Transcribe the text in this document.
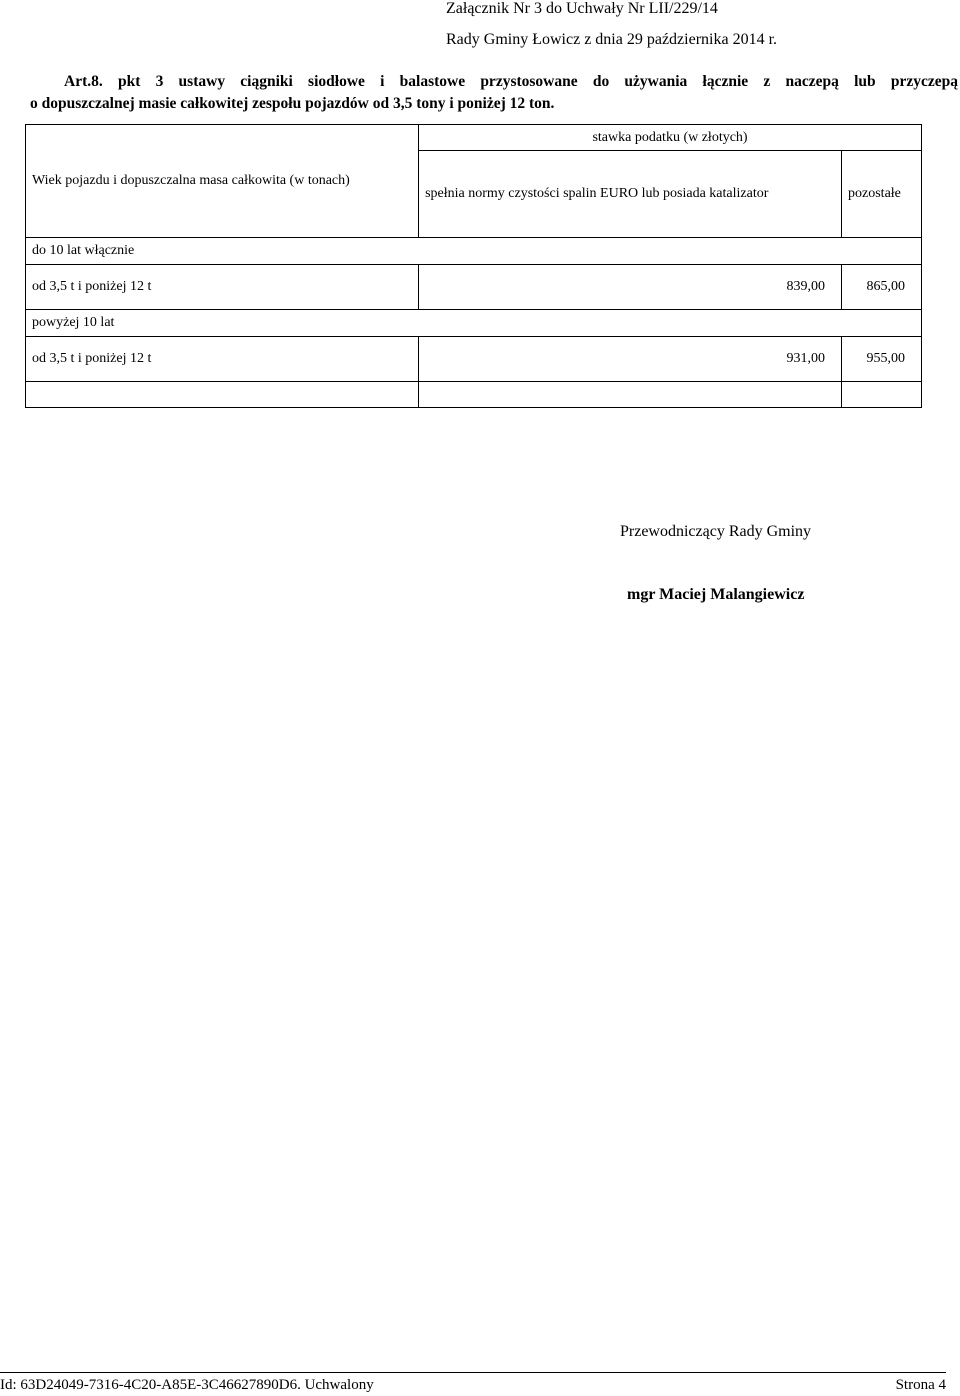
Załącznik Nr 3 do Uchwały Nr LII/229/14
Rady Gminy Łowicz z dnia 29 października 2014 r.
Art.8. pkt 3 ustawy ciągniki siodłowe i balastowe przystosowane do używania łącznie z naczepą lub przyczepą
o dopuszczalnej masie całkowitej zespołu pojazdów od 3,5 tony i poniżej 12 ton.
Wiek pojazdu i dopuszczalna masa całkowita (w tonach)	stawka podatku (w złotych)	
	spełnia normy czystości spalin EURO lub posiada katalizator	pozostałe
do 10 lat włącznie		
od 3,5 t i poniżej 12 t	839,00	865,00
powyżej 10 lat		
od 3,5 t i poniżej 12 t	931,00	955,00

Przewodniczący Rady Gminy
mgr Maciej Malangiewicz
Id: 63D24049-7316-4C20-A85E-3C46627890D6. Uchwalony	Strona 4
